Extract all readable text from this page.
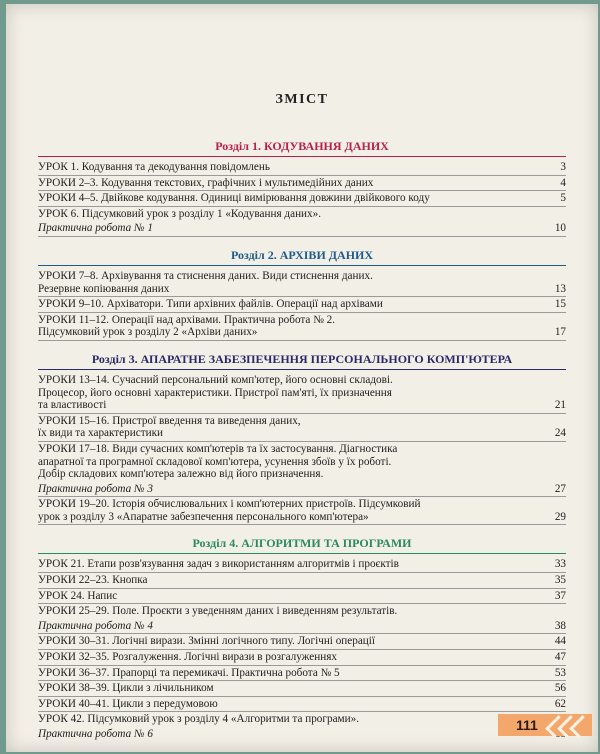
ЗМІСТ
Розділ 1. КОДУВАННЯ ДАНИХ
УРОК 1. Кодування та декодування повідомлень	3
УРОКИ 2–3. Кодування текстових, графічних і мультимедійних даних	4
УРОКИ 4–5. Двійкове кодування. Одиниці вимірювання довжини двійкового коду	5
УРОК 6. Підсумковий урок з розділу 1 «Кодування даних».
Практична робота № 1	10
Розділ 2. АРХІВИ ДАНИХ
УРОКИ 7–8. Архівування та стиснення даних. Види стиснення даних.
Резервне копіювання даних	13
УРОКИ 9–10. Архіватори. Типи архівних файлів. Операції над архівами	15
УРОКИ 11–12. Операції над архівами. Практична робота № 2.
Підсумковий урок з розділу 2 «Архіви даних»	17
Розділ 3. АПАРАТНЕ ЗАБЕЗПЕЧЕННЯ ПЕРСОНАЛЬНОГО КОМП'ЮТЕРА
УРОКИ 13–14. Сучасний персональний комп'ютер, його основні складові.
Процесор, його основні характеристики. Пристрої пам'яті, їх призначення
та властивості	21
УРОКИ 15–16. Пристрої введення та виведення даних,
їх види та характеристики	24
УРОКИ 17–18. Види сучасних комп'ютерів та їх застосування. Діагностика
апаратної та програмної складової комп'ютера, усунення збоїв у їх роботі.
Добір складових комп'ютера залежно від його призначення.
Практична робота № 3	27
УРОКИ 19–20. Історія обчислювальних і комп'ютерних пристроїв. Підсумковий
урок з розділу 3 «Апаратне забезпечення персонального комп'ютера»	29
Розділ 4. АЛГОРИТМИ ТА ПРОГРАМИ
УРОК 21. Етапи розв'язування задач з використанням алгоритмів і проєктів	33
УРОКИ 22–23. Кнопка	35
УРОК 24. Напис	37
УРОКИ 25–29. Поле. Проєкти з уведенням даних і виведенням результатів.
Практична робота № 4	38
УРОКИ 30–31. Логічні вирази. Змінні логічного типу. Логічні операції	44
УРОКИ 32–35. Розгалуження. Логічні вирази в розгалуженнях	47
УРОКИ 36–37. Прапорці та перемикачі. Практична робота № 5	53
УРОКИ 38–39. Цикли з лічильником	56
УРОКИ 40–41. Цикли з передумовою	62
УРОК 42. Підсумковий урок з розділу 4 «Алгоритми та програми».
Практична робота № 6
111
